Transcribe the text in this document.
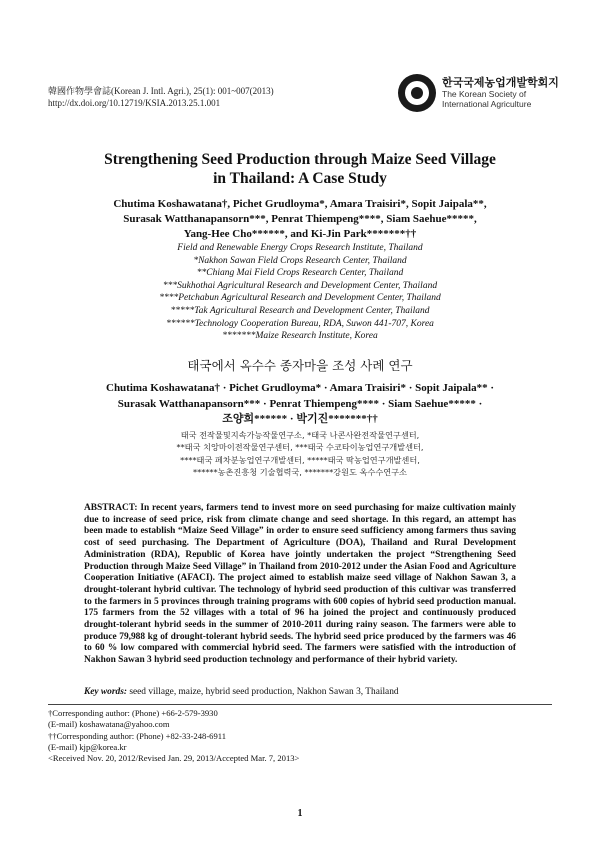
韓國作物學會誌(Korean J. Intl. Agri.), 25(1): 001~007(2013)
http://dx.doi.org/10.12719/KSIA.2013.25.1.001
한국국제농업개발학회지
The Korean Society of International Agriculture
Strengthening Seed Production through Maize Seed Village
in Thailand: A Case Study
Chutima Koshawatana†, Pichet Grudloyma*, Amara Traisiri*, Sopit Jaipala**,
Surasak Watthanapansorn***, Penrat Thiempeng****, Siam Saehue*****,
Yang-Hee Cho******, and Ki-Jin Park*******††
Field and Renewable Energy Crops Research Institute, Thailand
*Nakhon Sawan Field Crops Research Center, Thailand
**Chiang Mai Field Crops Research Center, Thailand
***Sukhothai Agricultural Research and Development Center, Thailand
****Petchabun Agricultural Research and Development Center, Thailand
*****Tak Agricultural Research and Development Center, Thailand
******Technology Cooperation Bureau, RDA, Suwon 441-707, Korea
*******Maize Research Institute, Korea
태국에서 옥수수 종자마을 조성 사례 연구
Chutima Koshawatana† · Pichet Grudloyma* · Amara Traisiri* · Sopit Jaipala** ·
Surasak Watthanapansorn*** · Penrat Thiempeng**** · Siam Saehue***** ·
조양희****** · 박기진*******††
태국 전작물및지속가능작물연구소, *태국 나콘사완전작물연구센터,
**태국 치앙마이전작물연구센터, ***태국 수코타이농업연구개발센터,
****태국 페차분농업연구개발센터, *****태국 딱농업연구개발센터,
******농촌진흥청 기술협력국, *******강원도 옥수수연구소
ABSTRACT: In recent years, farmers tend to invest more on seed purchasing for maize cultivation mainly due to increase of seed price, risk from climate change and seed shortage. In this regard, an attempt has been made to establish “Maize Seed Village” in order to ensure seed sufficiency among farmers thus saving cost of seed purchasing. The Department of Agriculture (DOA), Thailand and Rural Development Administration (RDA), Republic of Korea have jointly undertaken the project “Strengthening Seed Production through Maize Seed Village” in Thailand from 2010-2012 under the Asian Food and Agriculture Cooperation Initiative (AFACI). The project aimed to establish maize seed village of Nakhon Sawan 3, a drought-tolerant hybrid cultivar. The technology of hybrid seed production of this cultivar was transferred to the farmers in 5 provinces through training programs with 600 copies of hybrid seed production manual. 175 farmers from the 52 villages with a total of 96 ha joined the project and continuously produced drought-tolerant hybrid seeds in the summer of 2010-2011 during rainy season. The farmers were able to produce 79,988 kg of drought-tolerant hybrid seeds. The hybrid seed price produced by the farmers was 46 to 60 % low compared with commercial hybrid seed. The farmers were satisfied with the introduction of Nakhon Sawan 3 hybrid seed production technology and performance of their hybrid variety.
Key words: seed village, maize, hybrid seed production, Nakhon Sawan 3, Thailand
†Corresponding author: (Phone) +66-2-579-3930
(E-mail) koshawatana@yahoo.com
††Corresponding author: (Phone) +82-33-248-6911
(E-mail) kjp@korea.kr
<Received Nov. 20, 2012/Revised Jan. 29, 2013/Accepted Mar. 7, 2013>
1
